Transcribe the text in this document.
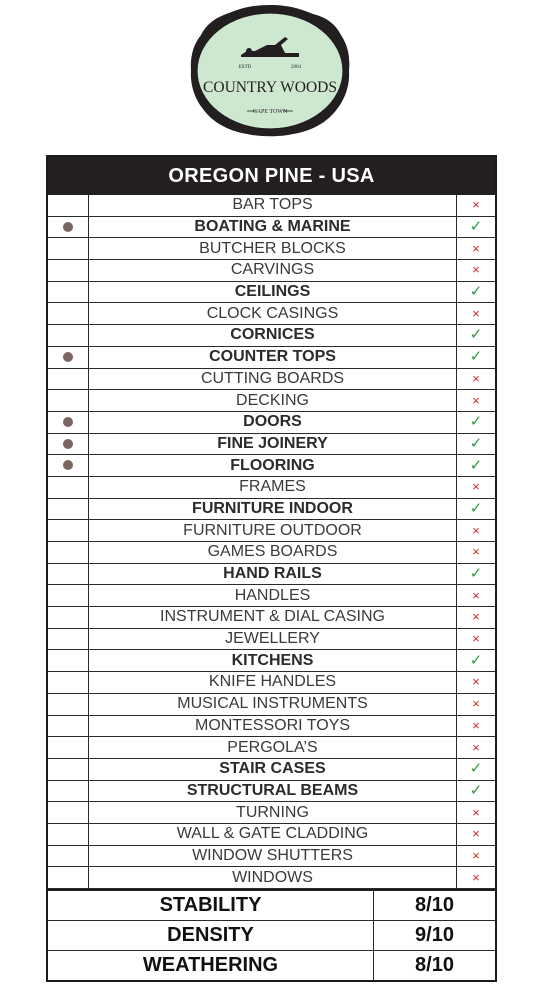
ESTD	2004
COUNTRY WOODS
CAPE TOWN
OREGON PINE - USA
	BAR TOPS	×
	BOATING & MARINE	✓
	BUTCHER BLOCKS	×
	CARVINGS	×
	CEILINGS	✓
	CLOCK CASINGS	×
	CORNICES	✓
	COUNTER TOPS	✓
	CUTTING BOARDS	×
	DECKING	×
	DOORS	✓
	FINE JOINERY	✓
	FLOORING	✓
	FRAMES	×
	FURNITURE INDOOR	✓
	FURNITURE OUTDOOR	×
	GAMES BOARDS	×
	HAND RAILS	✓
	HANDLES	×
	INSTRUMENT & DIAL CASING	×
	JEWELLERY	×
	KITCHENS	✓
	KNIFE HANDLES	×
	MUSICAL INSTRUMENTS	×
	MONTESSORI TOYS	×
	PERGOLA’S	×
	STAIR CASES	✓
	STRUCTURAL BEAMS	✓
	TURNING	×
	WALL & GATE CLADDING	×
	WINDOW SHUTTERS	×
	WINDOWS	×
STABILITY	8/10
DENSITY	9/10
WEATHERING	8/10
